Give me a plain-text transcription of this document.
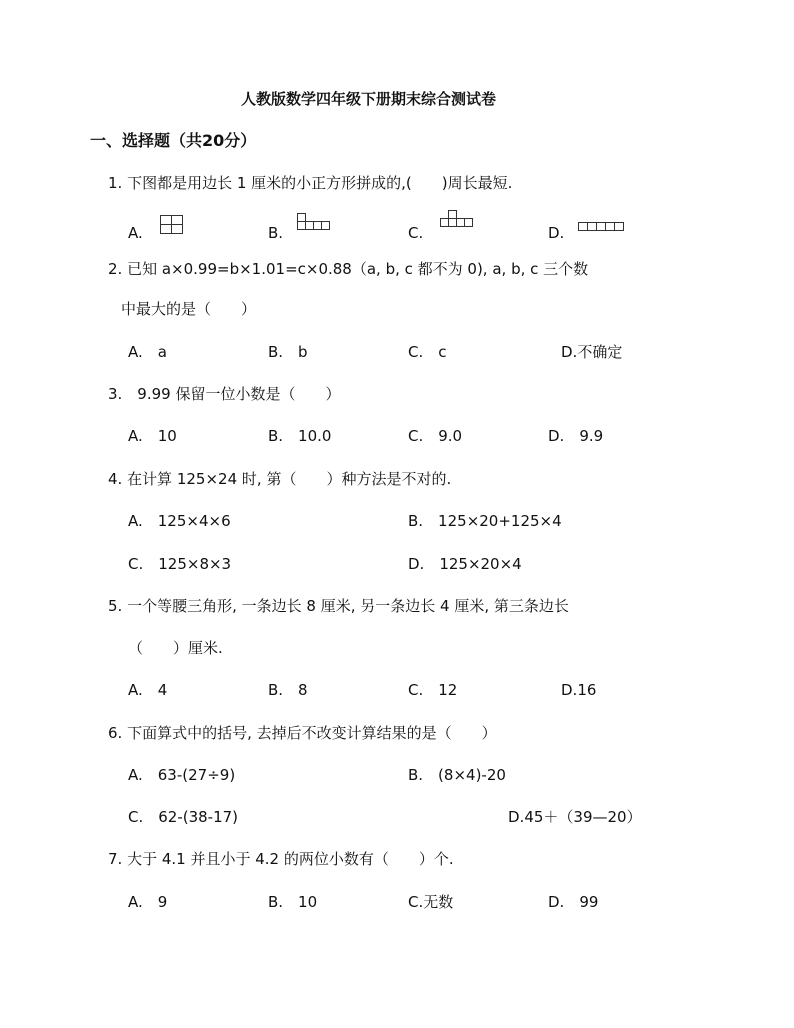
人教版数学四年级下册期末综合测试卷
一、选择题（共20分）
1. 下图都是用边长 1 厘米的小正方形拼成的,(　　)周长最短.
A.	B.	C.	D.
2. 已知 a×0.99=b×1.01=c×0.88（a, b, c 都不为 0), a, b, c 三个数
中最大的是（　　）
A.　a	B.　b	C.　c	D.不确定
3.　9.99 保留一位小数是（　　）
A.　10	B.　10.0	C.　9.0	D.　9.9
4. 在计算 125×24 时, 第（　　）种方法是不对的.
A.　125×4×6	B.　125×20+125×4
C.　125×8×3	D.　125×20×4
5. 一个等腰三角形, 一条边长 8 厘米, 另一条边长 4 厘米, 第三条边长
（　　）厘米.
A.　4	B.　8	C.　12	D.16
6. 下面算式中的括号, 去掉后不改变计算结果的是（　　）
A.　63-(27÷9)	B.　(8×4)-20
C.　62-(38-17)	D.45＋（39—20）
7. 大于 4.1 并且小于 4.2 的两位小数有（　　）个.
A.　9	B.　10	C.无数	D.　99
